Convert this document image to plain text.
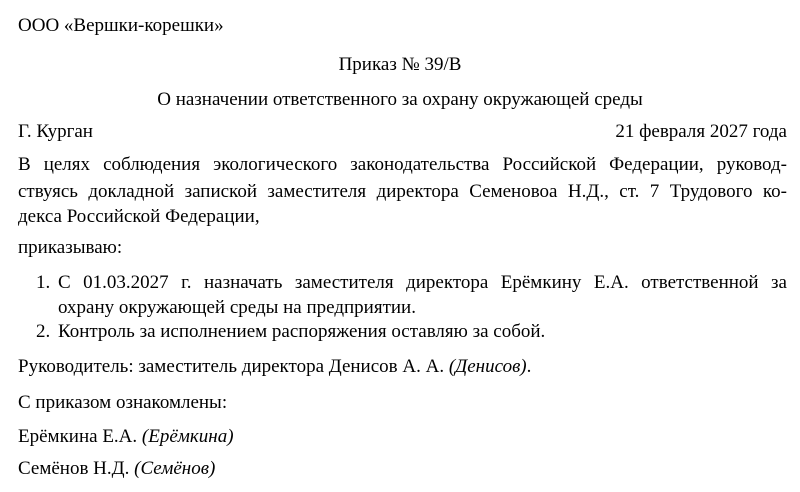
ООО «Вершки-корешки»
Приказ № 39/В
О назначении ответственного за охрану окружающей среды
Г. Курган	21 февраля 2027 года
В целях соблюдения экологического законодательства Российской Федерации, руковод-
ствуясь докладной запиской заместителя директора Семеновоа Н.Д., ст. 7 Трудового ко-
декса Российской Федерации,
приказываю:
1. С 01.03.2027 г. назначать заместителя директора Ерёмкину Е.А. ответственной за
охрану окружающей среды на предприятии.
2. Контроль за исполнением распоряжения оставляю за собой.
Руководитель: заместитель директора Денисов А. А. (Денисов).
С приказом ознакомлены:
Ерёмкина Е.А. (Ерёмкина)
Семёнов Н.Д. (Семёнов)
